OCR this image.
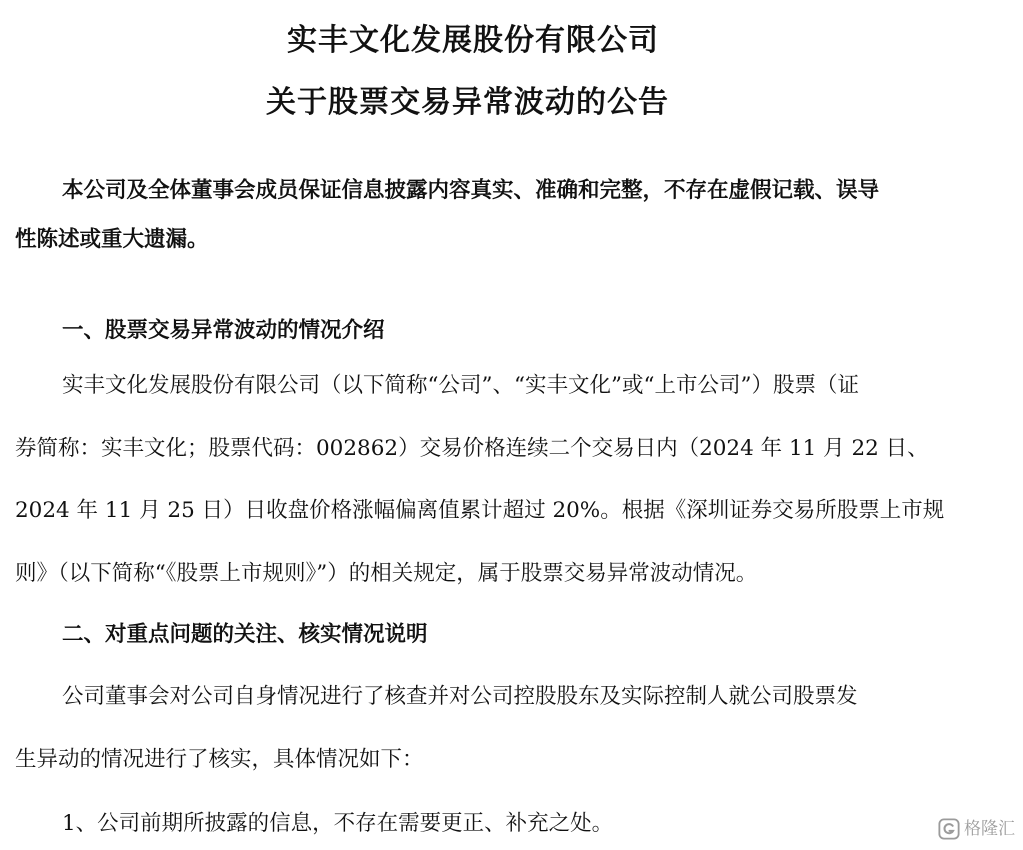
实丰文化发展股份有限公司
关于股票交易异常波动的公告
本公司及全体董事会成员保证信息披露内容真实、准确和完整，不存在虚假记载、误导
性陈述或重大遗漏。
一、股票交易异常波动的情况介绍
实丰文化发展股份有限公司（以下简称“公司”、“实丰文化”或“上市公司”）股票（证
券简称：实丰文化；股票代码：002862）交易价格连续二个交易日内（2024 年 11 月 22 日、
2024 年 11 月 25 日）日收盘价格涨幅偏离值累计超过 20%。根据《深圳证券交易所股票上市规
则》（以下简称“《股票上市规则》”）的相关规定，属于股票交易异常波动情况。
二、对重点问题的关注、核实情况说明
公司董事会对公司自身情况进行了核查并对公司控股股东及实际控制人就公司股票发
生异动的情况进行了核实，具体情况如下：
1、公司前期所披露的信息，不存在需要更正、补充之处。	格隆汇
